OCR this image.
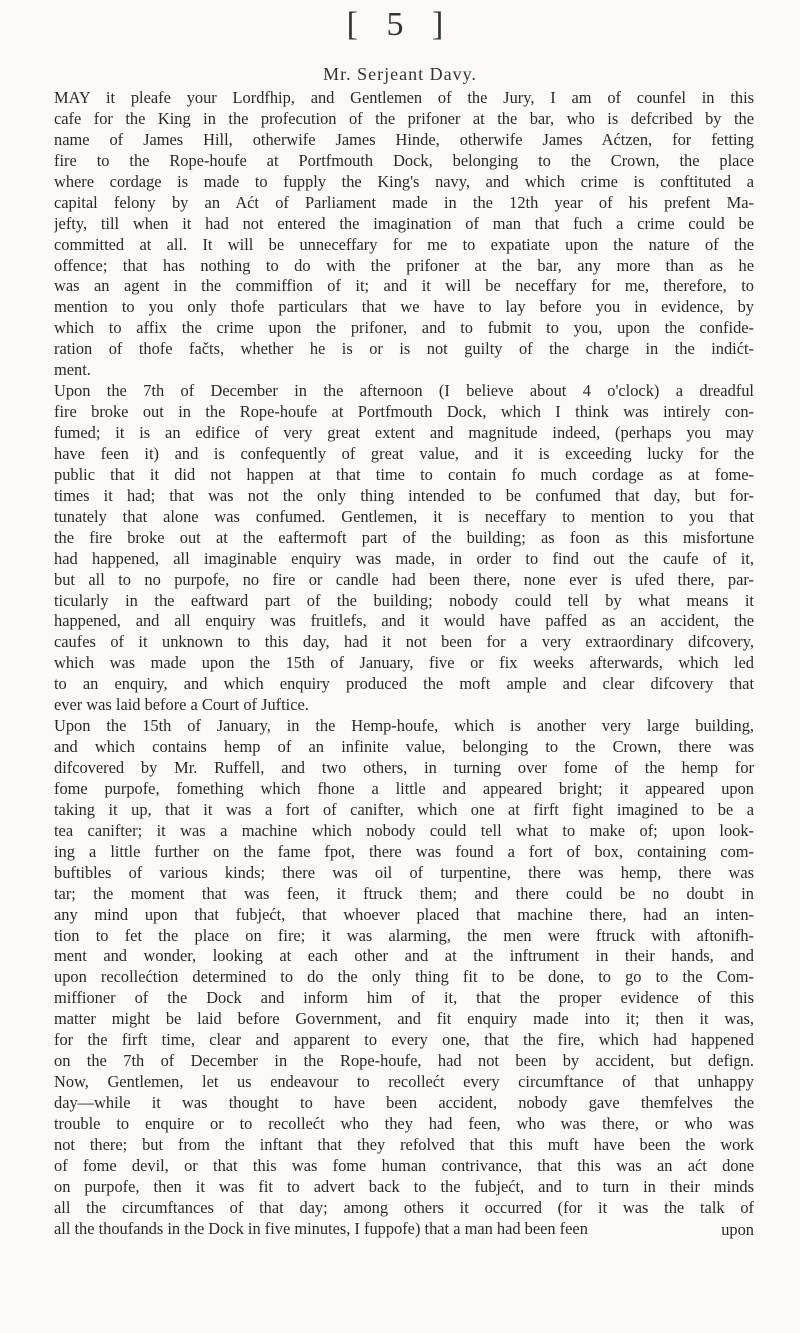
[ 5 ]
Mr. Serjeant Davy.
MAY it pleafe your Lordfhip, and Gentlemen of the Jury, I am of counfel in this
cafe for the King in the profecution of the prifoner at the bar, who is defcribed by the
name of James Hill, otherwife James Hinde, otherwife James Aćtzen, for fetting
fire to the Rope-houfe at Portfmouth Dock, belonging to the Crown, the place
where cordage is made to fupply the King's navy, and which crime is conftituted a
capital felony by an Aćt of Parliament made in the 12th year of his prefent Ma-
jefty, till when it had not entered the imagination of man that fuch a crime could be
committed at all. It will be unneceffary for me to expatiate upon the nature of the
offence; that has nothing to do with the prifoner at the bar, any more than as he
was an agent in the commiffion of it; and it will be neceffary for me, therefore, to
mention to you only thofe particulars that we have to lay before you in evidence, by
which to affix the crime upon the prifoner, and to fubmit to you, upon the confide-
ration of thofe fačts, whether he is or is not guilty of the charge in the indićt-
ment.
Upon the 7th of December in the afternoon (I believe about 4 o'clock) a dreadful
fire broke out in the Rope-houfe at Portfmouth Dock, which I think was intirely con-
fumed; it is an edifice of very great extent and magnitude indeed, (perhaps you may
have feen it) and is confequently of great value, and it is exceeding lucky for the
public that it did not happen at that time to contain fo much cordage as at fome-
times it had; that was not the only thing intended to be confumed that day, but for-
tunately that alone was confumed. Gentlemen, it is neceffary to mention to you that
the fire broke out at the eaftermoft part of the building; as foon as this misfortune
had happened, all imaginable enquiry was made, in order to find out the caufe of it,
but all to no purpofe, no fire or candle had been there, none ever is ufed there, par-
ticularly in the eaftward part of the building; nobody could tell by what means it
happened, and all enquiry was fruitlefs, and it would have paffed as an accident, the
caufes of it unknown to this day, had it not been for a very extraordinary difcovery,
which was made upon the 15th of January, five or fix weeks afterwards, which led
to an enquiry, and which enquiry produced the moft ample and clear difcovery that
ever was laid before a Court of Juftice.
Upon the 15th of January, in the Hemp-houfe, which is another very large building,
and which contains hemp of an infinite value, belonging to the Crown, there was
difcovered by Mr. Ruffell, and two others, in turning over fome of the hemp for
fome purpofe, fomething which fhone a little and appeared bright; it appeared upon
taking it up, that it was a fort of canifter, which one at firft fight imagined to be a
tea canifter; it was a machine which nobody could tell what to make of; upon look-
ing a little further on the fame fpot, there was found a fort of box, containing com-
buftibles of various kinds; there was oil of turpentine, there was hemp, there was
tar; the moment that was feen, it ftruck them; and there could be no doubt in
any mind upon that fubjećt, that whoever placed that machine there, had an inten-
tion to fet the place on fire; it was alarming, the men were ftruck with aftonifh-
ment and wonder, looking at each other and at the inftrument in their hands, and
upon recollećtion determined to do the only thing fit to be done, to go to the Com-
miffioner of the Dock and inform him of it, that the proper evidence of this
matter might be laid before Government, and fit enquiry made into it; then it was,
for the firft time, clear and apparent to every one, that the fire, which had happened
on the 7th of December in the Rope-houfe, had not been by accident, but defign.
Now, Gentlemen, let us endeavour to recollećt every circumftance of that unhappy
day—while it was thought to have been accident, nobody gave themfelves the
trouble to enquire or to recollećt who they had feen, who was there, or who was
not there; but from the inftant that they refolved that this muft have been the work
of fome devil, or that this was fome human contrivance, that this was an aćt done
on purpofe, then it was fit to advert back to the fubjećt, and to turn in their minds
all the circumftances of that day; among others it occurred (for it was the talk of
all the thoufands in the Dock in five minutes, I fuppofe) that a man had been feen	upon
